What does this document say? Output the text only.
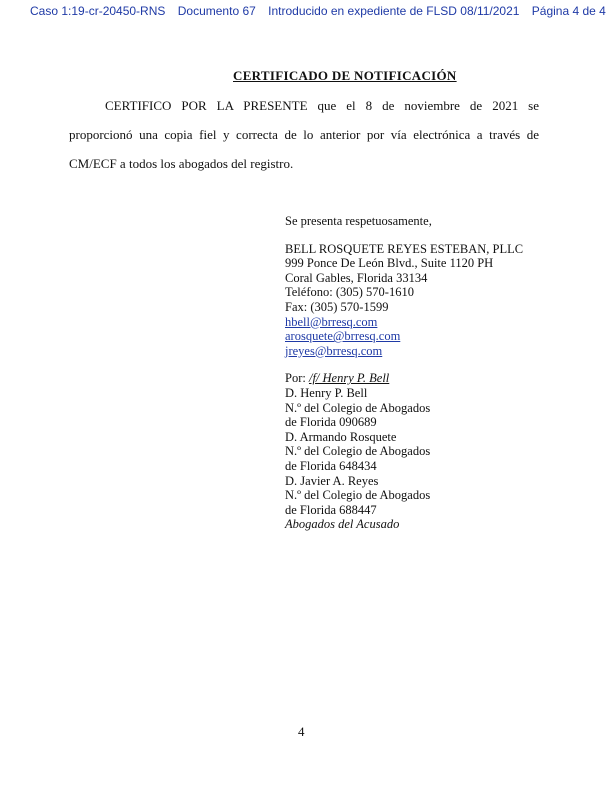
Caso 1:19-cr-20450-RNS Documento 67 Introducido en expediente de FLSD 08/11/2021 Página 4 de 4
CERTIFICADO DE NOTIFICACIÓN
CERTIFICO POR LA PRESENTE que el 8 de noviembre de 2021 se
proporcionó una copia fiel y correcta de lo anterior por vía electrónica a través de
CM/ECF a todos los abogados del registro.
Se presenta respetuosamente,
BELL ROSQUETE REYES ESTEBAN, PLLC
999 Ponce De León Blvd., Suite 1120 PH
Coral Gables, Florida 33134
Teléfono: (305) 570-1610
Fax: (305) 570-1599
hbell@brresq.com
arosquete@brresq.com
jreyes@brresq.com
Por: /f/ Henry P. Bell
D. Henry P. Bell
N.º del Colegio de Abogados
de Florida 090689
D. Armando Rosquete
N.º del Colegio de Abogados
de Florida 648434
D. Javier A. Reyes
N.º del Colegio de Abogados
de Florida 688447
Abogados del Acusado
4
